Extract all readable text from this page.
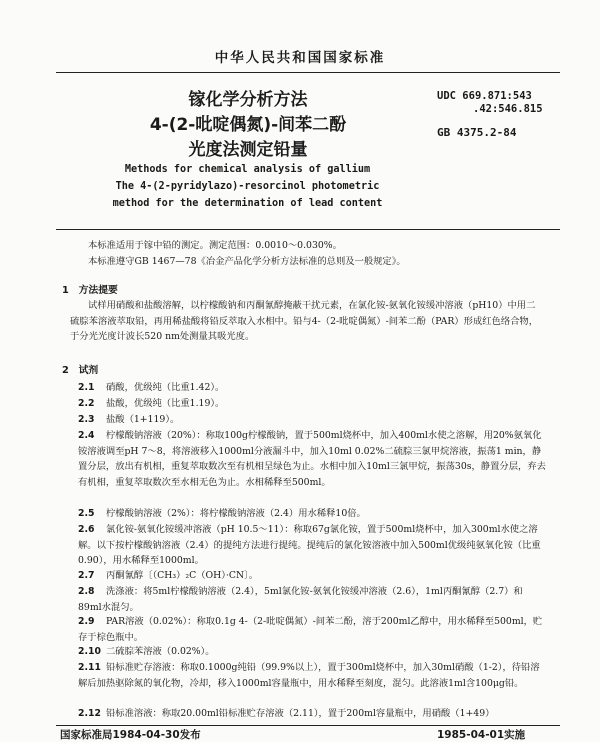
中华人民共和国国家标准
镓化学分析方法
4-(2-吡啶偶氮)-间苯二酚
光度法测定铅量
UDC 669.871:543
.42:546.815
GB 4375.2-84
Methods for chemical analysis of gallium
The 4-(2-pyridylazo)-resorcinol photometric
method for the determination of lead content
本标准适用于镓中铅的测定。测定范围：0.0010～0.030%。
本标准遵守GB 1467—78《冶金产品化学分析方法标准的总则及一般规定》。
1　方法提要
试样用硝酸和盐酸溶解，以柠檬酸钠和丙酮氰醇掩蔽干扰元素，在氯化铵-氨氧化铵缓冲溶液（pH10）中用二硫腙苯溶液萃取铅，再用稀盐酸将铅反萃取入水相中。铅与4-（2-吡啶偶氮）-间苯二酚（PAR）形成红色络合物，于分光光度计波长520 nm处测量其吸光度。
2　试剂
2.1 硝酸，优级纯（比重1.42）。
2.2 盐酸，优级纯（比重1.19）。
2.3 盐酸（1+119）。
2.4 柠檬酸钠溶液（20%）：称取100g柠檬酸钠，置于500ml烧杯中，加入400ml水使之溶解，用20%氨氧化铵溶液调至pH 7～8，将溶液移入1000ml分液漏斗中，加入10ml 0.02%二硫腙三氯甲烷溶液，振荡1 min，静置分层，放出有机相，重复萃取数次至有机相呈绿色为止。水相中加入10ml三氯甲烷，振荡30s，静置分层，弃去有机相，重复萃取数次至水相无色为止。水相稀释至500ml。
2.5 柠檬酸钠溶液（2%）：将柠檬酸钠溶液（2.4）用水稀释10倍。
2.6 氯化铵-氨氧化铵缓冲溶液（pH 10.5～11）：称取67g氯化铵，置于500ml烧杯中，加入300ml水使之溶解。以下按柠檬酸钠溶液（2.4）的提纯方法进行提纯。提纯后的氯化铵溶液中加入500ml优级纯氨氧化铵（比重0.90），用水稀释至1000ml。
2.7 丙酮氰醇〔（CH₃）₂C（OH）·CN〕。
2.8 洗涤液：将5ml柠檬酸钠溶液（2.4），5ml氯化铵-氨氧化铵缓冲溶液（2.6），1ml丙酮氰醇（2.7）和89ml水混匀。
2.9 PAR溶液（0.02%）：称取0.1g 4-（2-吡啶偶氮）-间苯二酚，溶于200ml乙醇中，用水稀释至500ml，贮存于棕色瓶中。
2.10 二硫腙苯溶液（0.02%）。
2.11 铅标准贮存溶液：称取0.1000g纯铅（99.9%以上），置于300ml烧杯中，加入30ml硝酸（1-2），待铅溶解后加热驱除氮的氧化物，冷却，移入1000ml容量瓶中，用水稀释至刻度，混匀。此溶液1ml含100μg铅。
2.12 铅标准溶液：称取20.00ml铅标准贮存溶液（2.11），置于200ml容量瓶中，用硝酸（1+49）
国家标准局1984-04-30发布	1985-04-01实施
